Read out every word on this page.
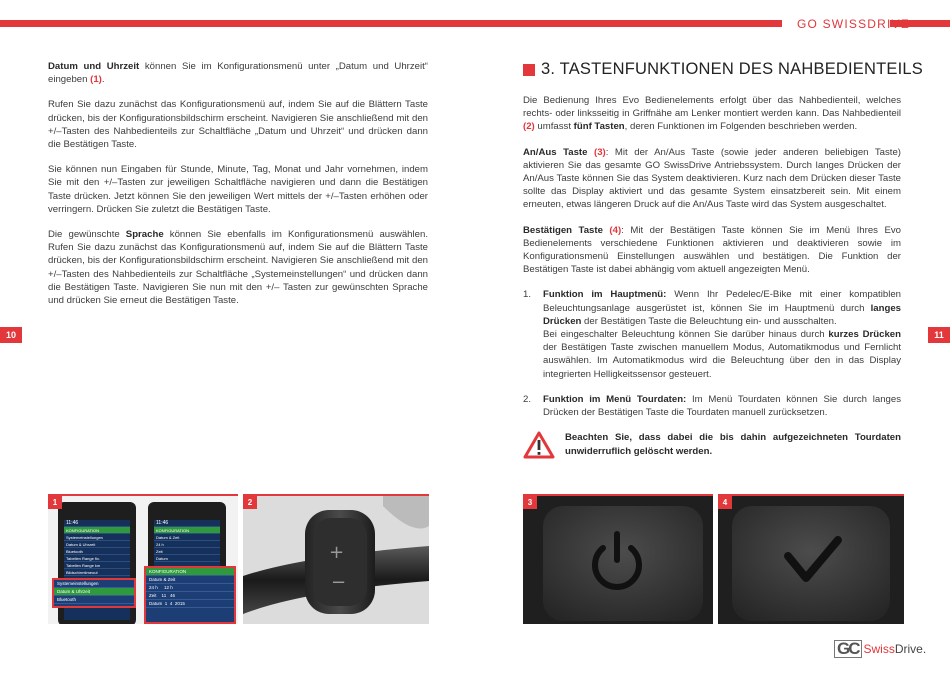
GO SWISSDRIVE

Datum und Uhrzeit können Sie im Konfigurationsmenü unter „Datum und Uhrzeit“ eingeben (1).

Rufen Sie dazu zunächst das Konfigurationsmenü auf, indem Sie auf die Blättern Taste drücken, bis der Konfigurationsbildschirm erscheint. Navigieren Sie anschließend mit den +/–Tasten des Nahbedienteils zur Schaltfläche „Datum und Uhrzeit“ und drücken dann die Bestätigen Taste.

Sie können nun Eingaben für Stunde, Minute, Tag, Monat und Jahr vornehmen, indem Sie mit den +/–Tasten zur jeweiligen Schaltfläche navigieren und dann die Bestätigen Taste drücken. Jetzt können Sie den jeweiligen Wert mittels der +/–Tasten erhöhen oder verringern. Drücken Sie zuletzt die Bestätigen Taste.

Die gewünschte Sprache können Sie ebenfalls im Konfigurationsmenü auswählen. Rufen Sie dazu zunächst das Konfigurationsmenü auf, indem Sie auf die Blättern Taste drücken, bis der Konfigurationsbildschirm erscheint. Navigieren Sie anschließend mit den +/–Tasten des Nahbedienteils zur Schaltfläche „Systemeinstellungen“ und drücken dann die Bestätigen Taste. Navigieren Sie nun mit den +/– Tasten zur gewünschten Sprache und drücken Sie erneut die Bestätigen Taste.

3. TASTENFUNKTIONEN DES NAHBEDIENTEILS

Die Bedienung Ihres Evo Bedienelements erfolgt über das Nahbedienteil, welches rechts- oder linksseitig in Griffnähe am Lenker montiert werden kann. Das Nahbedienteil (2) umfasst fünf Tasten, deren Funktionen im Folgenden beschrieben werden.

An/Aus Taste (3): Mit der An/Aus Taste (sowie jeder anderen beliebigen Taste) aktivieren Sie das gesamte GO SwissDrive Antriebssystem. Durch langes Drücken der An/Aus Taste können Sie das System deaktivieren. Kurz nach dem Drücken dieser Taste sollte das Display aktiviert und das gesamte System einsatzbereit sein. Mit einem erneuten, etwas längeren Druck auf die An/Aus Taste wird das System ausgeschaltet.

Bestätigen Taste (4): Mit der Bestätigen Taste können Sie im Menü Ihres Evo Bedienelements verschiedene Funktionen aktivieren und deaktivieren sowie im Konfigurationsmenü Einstellungen auswählen und bestätigen. Die Funktion der Bestätigen Taste ist dabei abhängig vom aktuell angezeigten Menü.

1.	Funktion im Hauptmenü: Wenn Ihr Pedelec/E-Bike mit einer kompatiblen Beleuchtungsanlage ausgerüstet ist, können Sie im Hauptmenü durch langes Drücken der Bestätigen Taste die Beleuchtung ein- und ausschalten.
Bei eingeschalter Beleuchtung können Sie darüber hinaus durch kurzes Drücken der Bestätigen Taste zwischen manuellem Modus, Automatikmodus und Fernlicht auswählen. Im Automatikmodus wird die Beleuchtung über den in das Display integrierten Helligkeitssensor gesteuert.
2.	Funktion im Menü Tourdaten: Im Menü Tourdaten können Sie durch langes Drücken der Bestätigen Taste die Tourdaten manuell zurücksetzen.
Beachten Sie, dass dabei die bis dahin aufgezeichneten Tourdaten unwiderruflich gelöscht werden.
10	11
1
11:46
KONFIGURATION
Systemeinstellungen
Datum & Uhrzeit
Bluetooth
Tabellen Range fix.
Tabellen Range km
Bildschirmtimeout
Systemeinstellungen
Datum & Uhrzeit
Bluetooth
11:46
KONFIGURATION
Datum & Zeit
24 h
Zeit
Datum
KONFIGURATION
Datum & Zeit
24 h 12 h
Zeit 11 46
Datum 1 4 2015
2
+
−
3	4
GC Swiss Drive.
